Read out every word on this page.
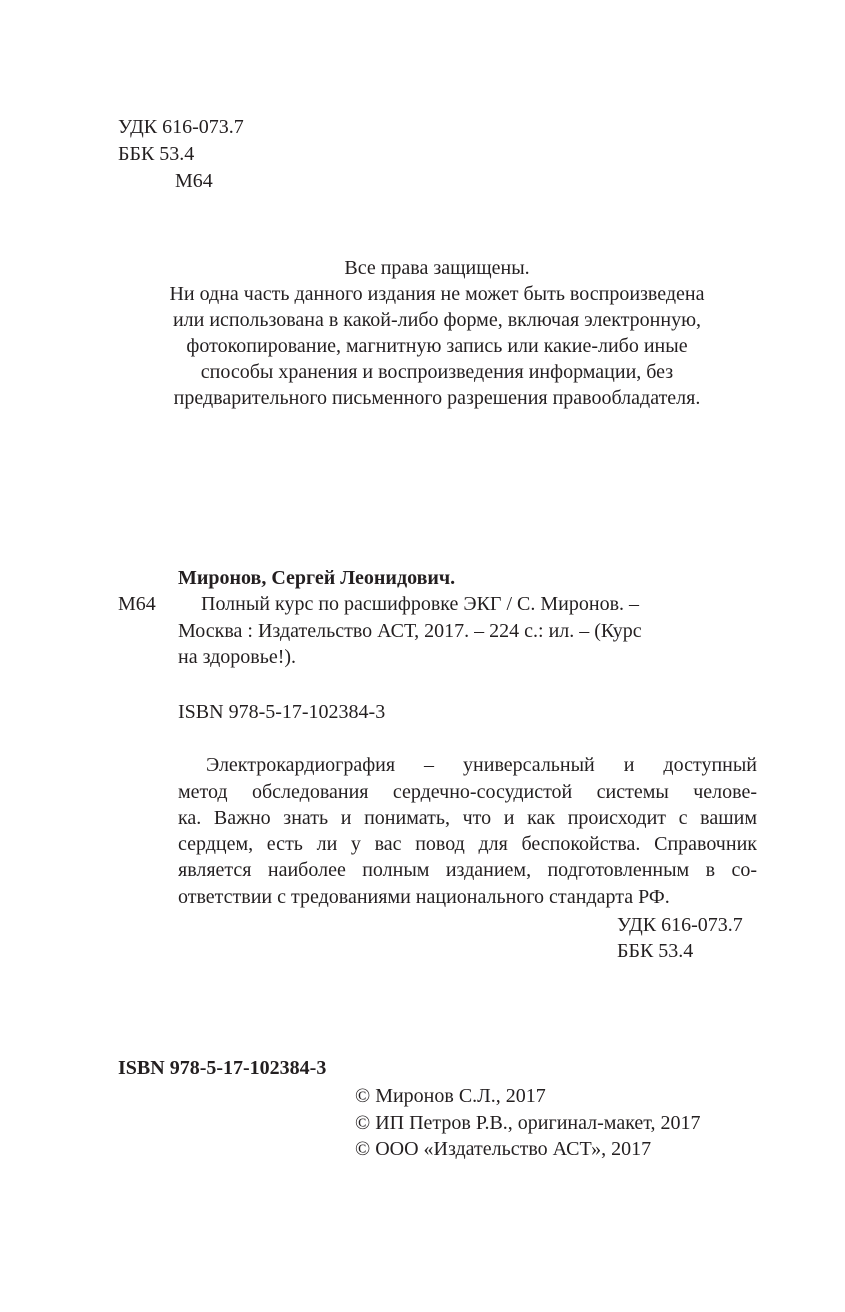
УДК 616-073.7
ББК 53.4
М64
Все права защищены.
Ни одна часть данного издания не может быть воспроизведена
или использована в какой-либо форме, включая электронную,
фотокопирование, магнитную запись или какие-либо иные
способы хранения и воспроизведения информации, без
предварительного письменного разрешения правообладателя.
Миронов, Сергей Леонидович.
М64 Полный курс по расшифровке ЭКГ / С. Миронов. –
Москва : Издательство АСТ, 2017. – 224 с.: ил. – (Курс
на здоровье!).
ISBN 978-5-17-102384-3
Электрокардиография – универсальный и доступный
метод обследования сердечно-сосудистой системы челове-
ка. Важно знать и понимать, что и как происходит с вашим
сердцем, есть ли у вас повод для беспокойства. Справочник
является наиболее полным изданием, подготовленным в со-
ответствии с тредованиями национального стандарта РФ.
УДК 616-073.7
ББК 53.4
ISBN 978-5-17-102384-3
© Миронов С.Л., 2017
© ИП Петров Р.В., оригинал-макет, 2017
© ООО «Издательство АСТ», 2017
